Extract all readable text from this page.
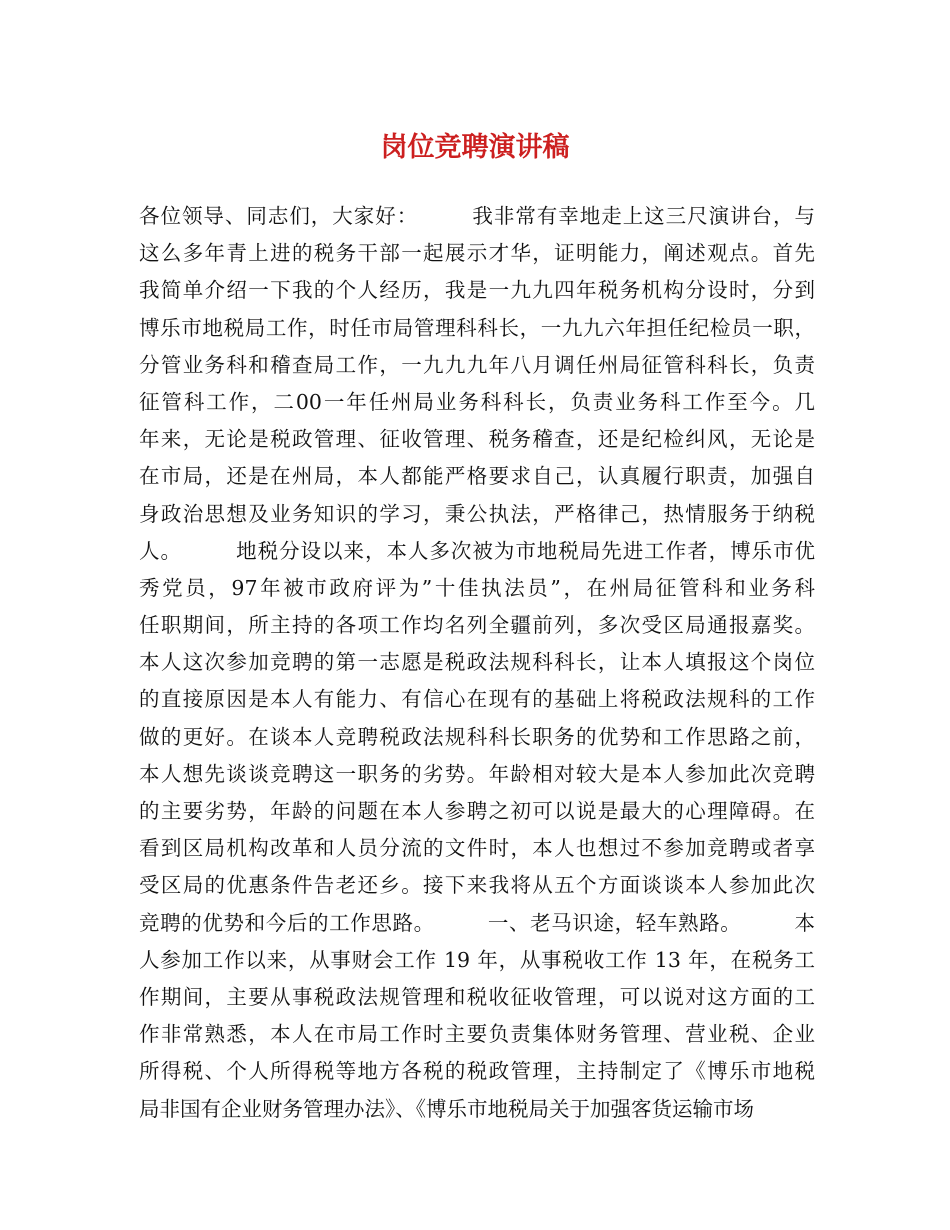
岗位竞聘演讲稿
各位领导、同志们，大家好：　　　我非常有幸地走上这三尺演讲台，与
这么多年青上进的税务干部一起展示才华，证明能力，阐述观点。首先
我简单介绍一下我的个人经历，我是一九九四年税务机构分设时，分到
博乐市地税局工作，时任市局管理科科长，一九九六年担任纪检员一职，
分管业务科和稽查局工作，一九九九年八月调任州局征管科科长，负责
征管科工作，二00一年任州局业务科科长，负责业务科工作至今。几
年来，无论是税政管理、征收管理、税务稽查，还是纪检纠风，无论是
在市局，还是在州局，本人都能严格要求自己，认真履行职责，加强自
身政治思想及业务知识的学习，秉公执法，严格律己，热情服务于纳税
人。　　　地税分设以来，本人多次被为市地税局先进工作者，博乐市优
秀党员，97年被市政府评为”十佳执法员”，在州局征管科和业务科
任职期间，所主持的各项工作均名列全疆前列，多次受区局通报嘉奖。
本人这次参加竞聘的第一志愿是税政法规科科长，让本人填报这个岗位
的直接原因是本人有能力、有信心在现有的基础上将税政法规科的工作
做的更好。在谈本人竞聘税政法规科科长职务的优势和工作思路之前，
本人想先谈谈竞聘这一职务的劣势。年龄相对较大是本人参加此次竞聘
的主要劣势，年龄的问题在本人参聘之初可以说是最大的心理障碍。在
看到区局机构改革和人员分流的文件时，本人也想过不参加竞聘或者享
受区局的优惠条件告老还乡。接下来我将从五个方面谈谈本人参加此次
竞聘的优势和今后的工作思路。　　　一、老马识途，轻车熟路。　　　本
人参加工作以来，从事财会工作 19 年，从事税收工作 13 年，在税务工
作期间，主要从事税政法规管理和税收征收管理，可以说对这方面的工
作非常熟悉，本人在市局工作时主要负责集体财务管理、营业税、企业
所得税、个人所得税等地方各税的税政管理，主持制定了《博乐市地税
局非国有企业财务管理办法》、《博乐市地税局关于加强客货运输市场
